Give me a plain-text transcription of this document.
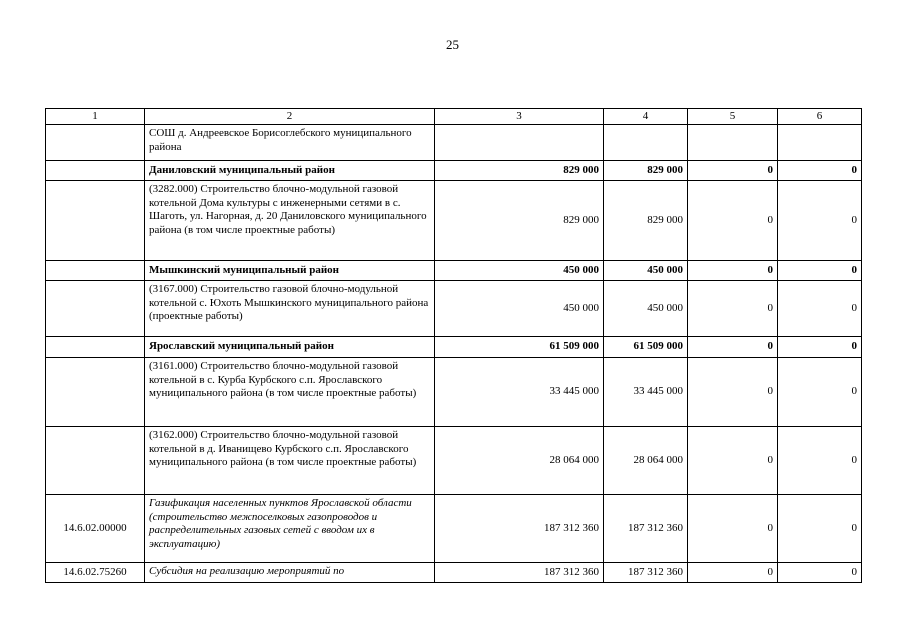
25
1	2	3	4	5	6
	СОШ д. Андреевское Борисоглебского муниципального района				
	Даниловский муниципальный район	829 000	829 000	0	0
	(3282.000) Строительство блочно-модульной газовой котельной Дома культуры с инженерными сетями в с. Шаготь, ул. Нагорная, д. 20 Даниловского муниципального района (в том числе проектные работы)	829 000	829 000	0	0
	Мышкинский муниципальный район	450 000	450 000	0	0
	(3167.000) Строительство газовой блочно-модульной котельной с. Юхоть Мышкинского муниципального района (проектные работы)	450 000	450 000	0	0
	Ярославский муниципальный район	61 509 000	61 509 000	0	0
	(3161.000) Строительство блочно-модульной газовой котельной в с. Курба Курбского с.п. Ярославского муниципального района (в том числе проектные работы)	33 445 000	33 445 000	0	0
	(3162.000) Строительство блочно-модульной газовой котельной в д. Иванищево Курбского с.п. Ярославского муниципального района (в том числе проектные работы)	28 064 000	28 064 000	0	0
14.6.02.00000	Газификация населенных пунктов Ярославской области (строительство межпоселковых газопроводов и распределительных газовых сетей с вводом их в эксплуатацию)	187 312 360	187 312 360	0	0
14.6.02.75260	Субсидия на реализацию мероприятий по	187 312 360	187 312 360	0	0
